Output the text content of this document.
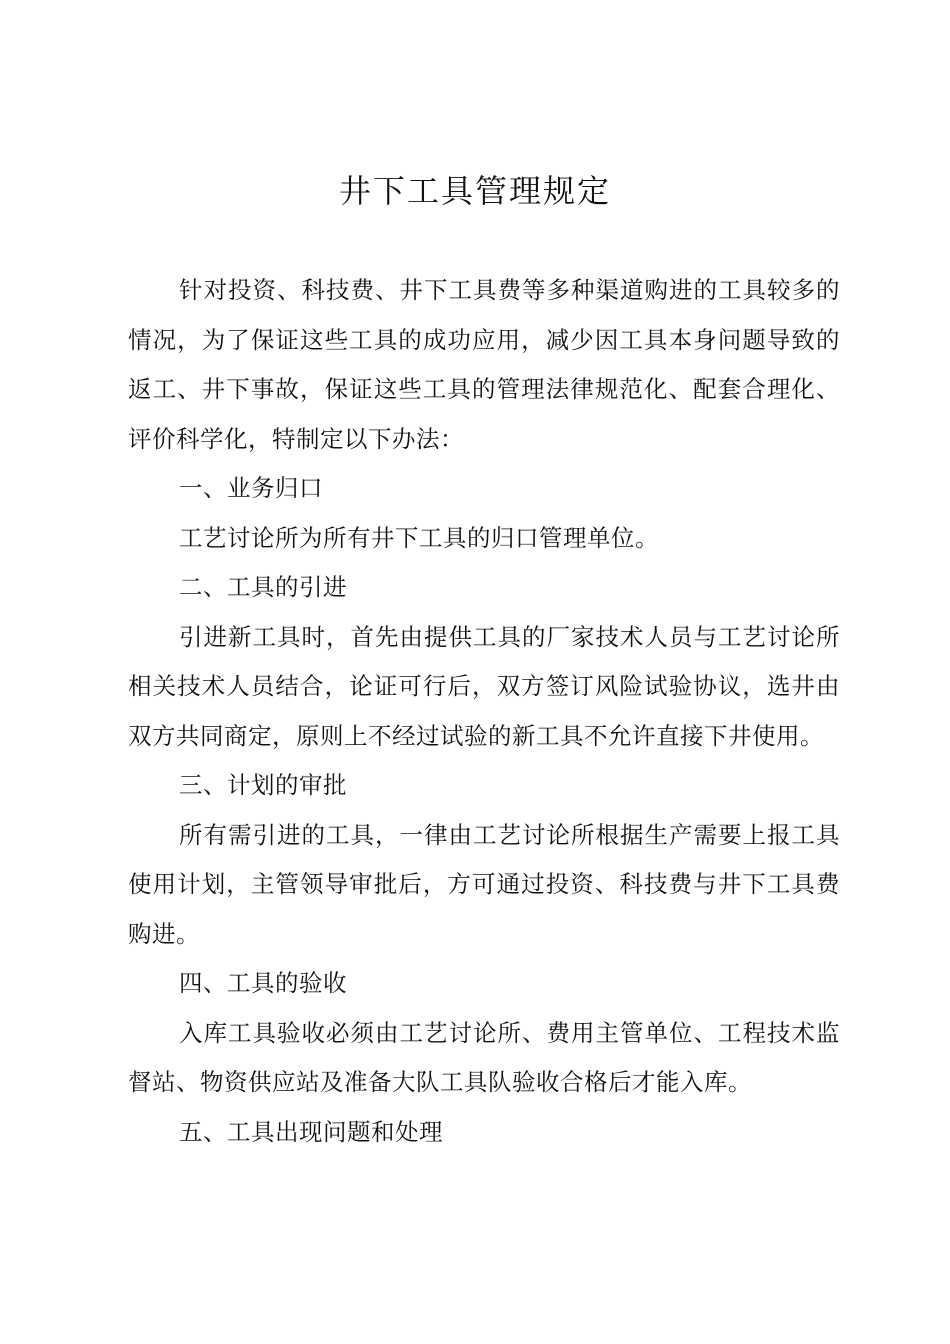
井下工具管理规定

针对投资、科技费、井下工具费等多种渠道购进的工具较多的情况，为了保证这些工具的成功应用，减少因工具本身问题导致的返工、井下事故，保证这些工具的管理法律规范化、配套合理化、评价科学化，特制定以下办法：

一、业务归口

工艺讨论所为所有井下工具的归口管理单位。

二、工具的引进

引进新工具时，首先由提供工具的厂家技术人员与工艺讨论所相关技术人员结合，论证可行后，双方签订风险试验协议，选井由双方共同商定，原则上不经过试验的新工具不允许直接下井使用。

三、计划的审批

所有需引进的工具，一律由工艺讨论所根据生产需要上报工具使用计划，主管领导审批后，方可通过投资、科技费与井下工具费购进。

四、工具的验收

入库工具验收必须由工艺讨论所、费用主管单位、工程技术监督站、物资供应站及准备大队工具队验收合格后才能入库。

五、工具出现问题和处理
